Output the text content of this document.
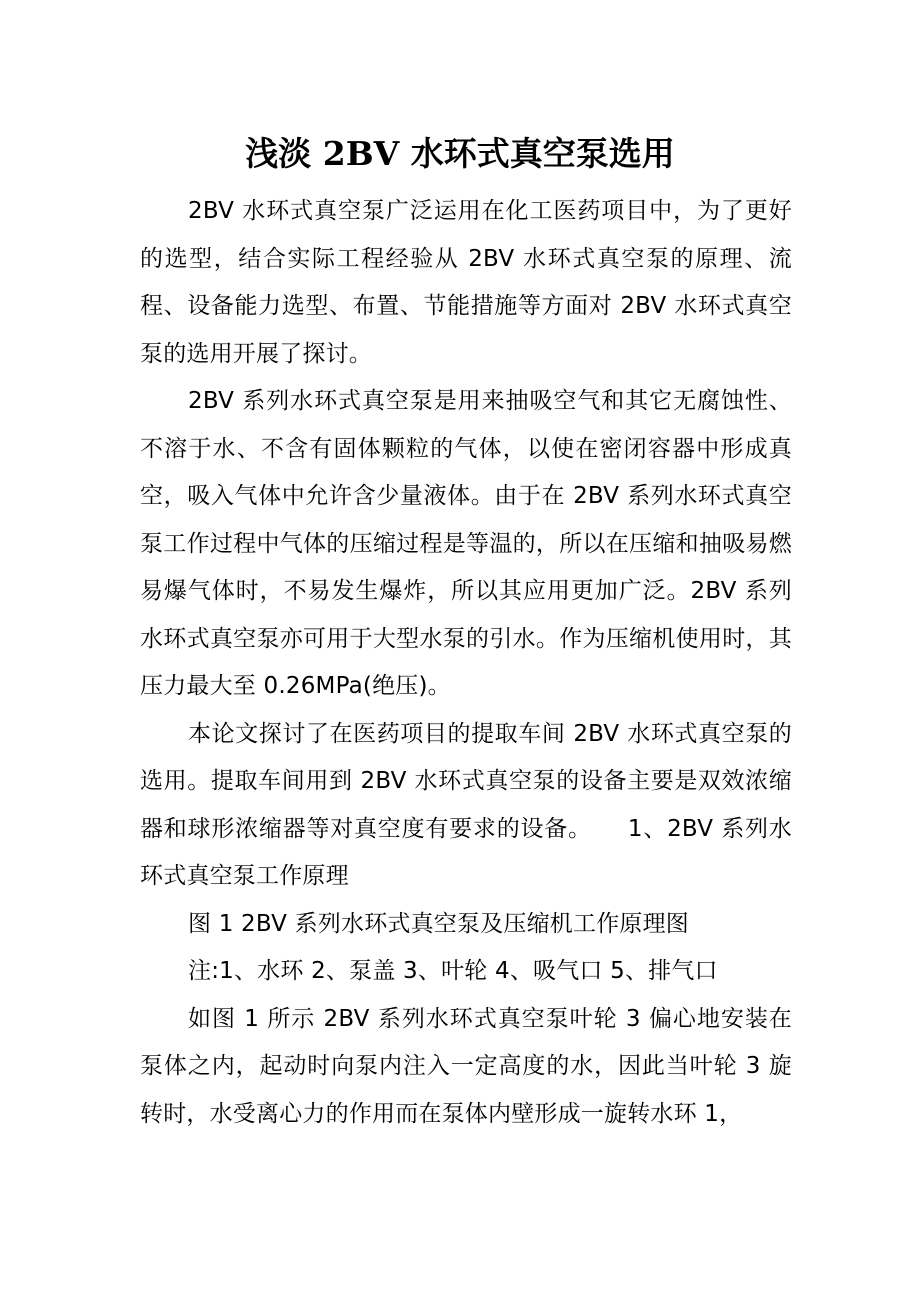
浅淡 2BV 水环式真空泵选用

2BV 水环式真空泵广泛运用在化工医药项目中，为了更好的选型，结合实际工程经验从 2BV 水环式真空泵的原理、流程、设备能力选型、布置、节能措施等方面对 2BV 水环式真空泵的选用开展了探讨。

2BV 系列水环式真空泵是用来抽吸空气和其它无腐蚀性、不溶于水、不含有固体颗粒的气体，以使在密闭容器中形成真空，吸入气体中允许含少量液体。由于在 2BV 系列水环式真空泵工作过程中气体的压缩过程是等温的，所以在压缩和抽吸易燃易爆气体时，不易发生爆炸，所以其应用更加广泛。2BV 系列水环式真空泵亦可用于大型水泵的引水。作为压缩机使用时，其压力最大至 0.26MPa(绝压)。

本论文探讨了在医药项目的提取车间 2BV 水环式真空泵的选用。提取车间用到 2BV 水环式真空泵的设备主要是双效浓缩器和球形浓缩器等对真空度有要求的设备。　　1、2BV 系列水环式真空泵工作原理

图 1 2BV 系列水环式真空泵及压缩机工作原理图

注:1、水环 2、泵盖 3、叶轮 4、吸气口 5、排气口

如图 1 所示 2BV 系列水环式真空泵叶轮 3 偏心地安装在泵体之内，起动时向泵内注入一定高度的水，因此当叶轮 3 旋转时，水受离心力的作用而在泵体内壁形成一旋转水环 1，
